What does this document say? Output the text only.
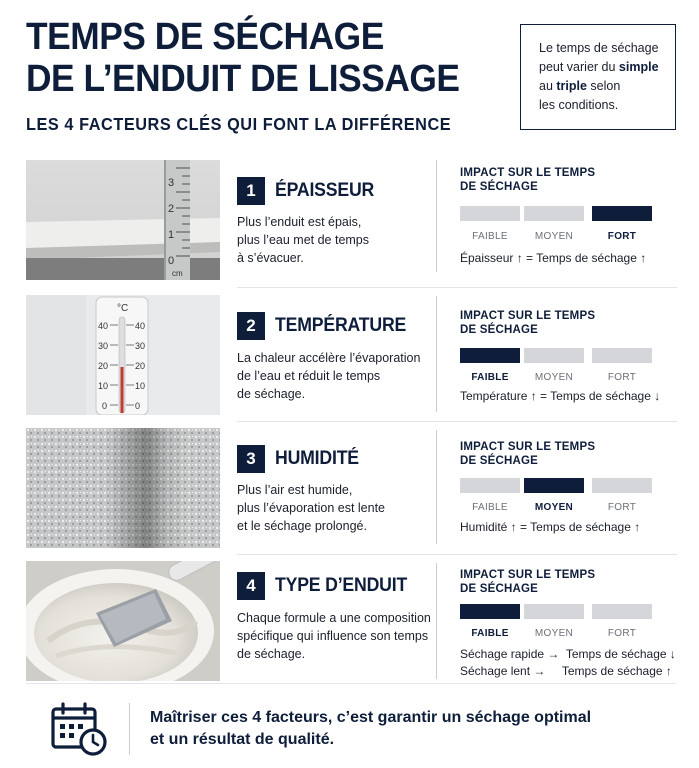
TEMPS DE SÉCHAGE
DE L’ENDUIT DE LISSAGE
LES 4 FACTEURS CLÉS QUI FONT LA DIFFÉRENCE
Le temps de séchage
peut varier du simple
au triple selon
les conditions.
3
2
1
0
cm
1	ÉPAISSEUR
Plus l’enduit est épais,
plus l’eau met de temps
à s’évacuer.
IMPACT SUR LE TEMPS
DE SÉCHAGE
FAIBLE	MOYEN	FORT
Épaisseur ↑ = Temps de séchage ↑
°C
40
30
20
10
0
40
30
20
10
0
2	TEMPÉRATURE
La chaleur accélère l’évaporation
de l’eau et réduit le temps
de séchage.
IMPACT SUR LE TEMPS
DE SÉCHAGE
FAIBLE	MOYEN	FORT
Température ↑ = Temps de séchage ↓
3	HUMIDITÉ
Plus l’air est humide,
plus l’évaporation est lente
et le séchage prolongé.
IMPACT SUR LE TEMPS
DE SÉCHAGE
FAIBLE	MOYEN	FORT
Humidité ↑ = Temps de séchage ↑
4	TYPE D’ENDUIT
Chaque formule a une composition
spécifique qui influence son temps
de séchage.
IMPACT SUR LE TEMPS
DE SÉCHAGE
FAIBLE	MOYEN	FORT
Séchage rapide →  Temps de séchage ↓
Séchage lent →     Temps de séchage ↑
Maîtriser ces 4 facteurs, c’est garantir un séchage optimal
et un résultat de qualité.
